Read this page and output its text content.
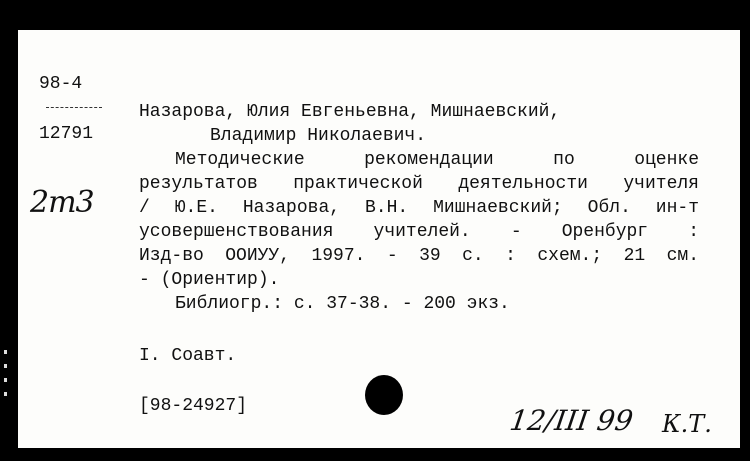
98-4
12791
2m3
Назарова, Юлия Евгеньевна, Мишнаевский,
Владимир Николаевич.
Методические рекомендации по оценке
результатов практической деятельности учителя
/ Ю.Е. Назарова, В.Н. Мишнаевский; Обл. ин-т
усовершенствования учителей. - Оренбург :
Изд-во ООИУУ, 1997. - 39 с. : схем.; 21 см.
- (Ориентир).
Библиогр.: с. 37-38. - 200 экз.
I. Соавт.
[98-24927]	12/III 99 К.Т.
